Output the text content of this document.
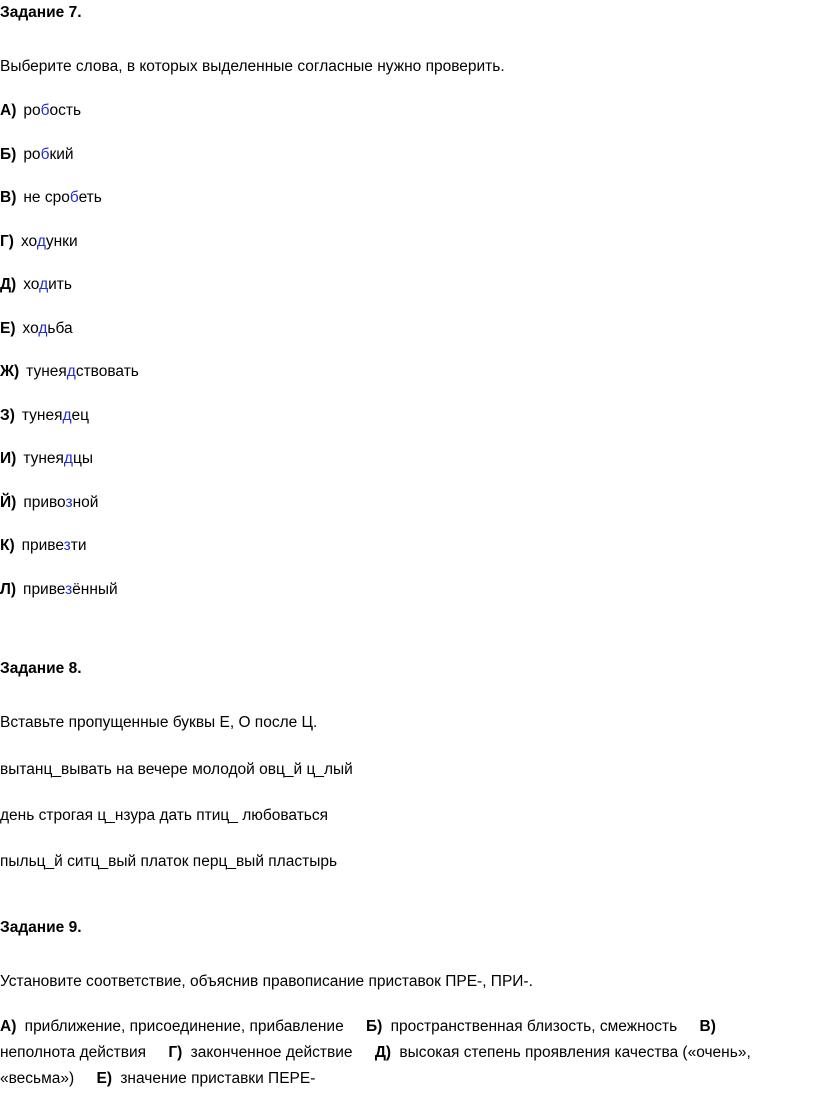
Задание 7.
Выберите слова, в которых выделенные согласные нужно проверить.
А) робость
Б) робкий
В) не сробеть
Г) ходунки
Д) ходить
Е) ходьба
Ж) тунеядствовать
З) тунеядец
И) тунеядцы
Й) привозной
К) привезти
Л) привезённый
Задание 8.
Вставьте пропущенные буквы Е, О после Ц.
вытанц_вывать на вечере молодой овц_й ц_лый
день строгая ц_нзура дать птиц_ любоваться
пыльц_й ситц_вый платок перц_вый пластырь
Задание 9.
Установите соответствие, объяснив правописание приставок ПРЕ-, ПРИ-.
А) приближение, присоединение, прибавление Б) пространственная близость, смежность В) неполнота действия Г) законченное действие Д) высокая степень проявления качества («очень», «весьма») Е) значение приставки ПЕРЕ-
